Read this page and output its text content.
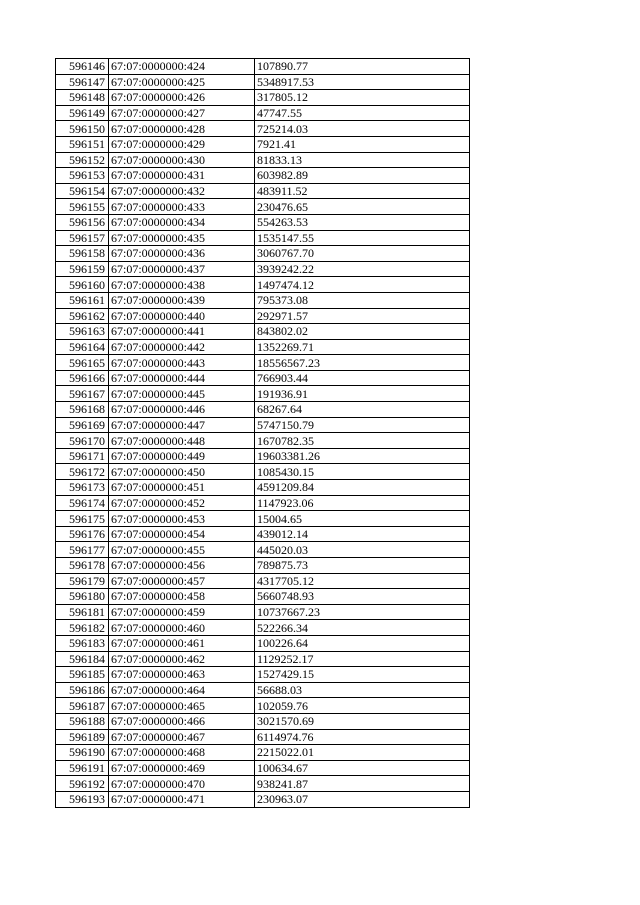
596146	67:07:0000000:424	107890.77
596147	67:07:0000000:425	5348917.53
596148	67:07:0000000:426	317805.12
596149	67:07:0000000:427	47747.55
596150	67:07:0000000:428	725214.03
596151	67:07:0000000:429	7921.41
596152	67:07:0000000:430	81833.13
596153	67:07:0000000:431	603982.89
596154	67:07:0000000:432	483911.52
596155	67:07:0000000:433	230476.65
596156	67:07:0000000:434	554263.53
596157	67:07:0000000:435	1535147.55
596158	67:07:0000000:436	3060767.70
596159	67:07:0000000:437	3939242.22
596160	67:07:0000000:438	1497474.12
596161	67:07:0000000:439	795373.08
596162	67:07:0000000:440	292971.57
596163	67:07:0000000:441	843802.02
596164	67:07:0000000:442	1352269.71
596165	67:07:0000000:443	18556567.23
596166	67:07:0000000:444	766903.44
596167	67:07:0000000:445	191936.91
596168	67:07:0000000:446	68267.64
596169	67:07:0000000:447	5747150.79
596170	67:07:0000000:448	1670782.35
596171	67:07:0000000:449	19603381.26
596172	67:07:0000000:450	1085430.15
596173	67:07:0000000:451	4591209.84
596174	67:07:0000000:452	1147923.06
596175	67:07:0000000:453	15004.65
596176	67:07:0000000:454	439012.14
596177	67:07:0000000:455	445020.03
596178	67:07:0000000:456	789875.73
596179	67:07:0000000:457	4317705.12
596180	67:07:0000000:458	5660748.93
596181	67:07:0000000:459	10737667.23
596182	67:07:0000000:460	522266.34
596183	67:07:0000000:461	100226.64
596184	67:07:0000000:462	1129252.17
596185	67:07:0000000:463	1527429.15
596186	67:07:0000000:464	56688.03
596187	67:07:0000000:465	102059.76
596188	67:07:0000000:466	3021570.69
596189	67:07:0000000:467	6114974.76
596190	67:07:0000000:468	2215022.01
596191	67:07:0000000:469	100634.67
596192	67:07:0000000:470	938241.87
596193	67:07:0000000:471	230963.07
